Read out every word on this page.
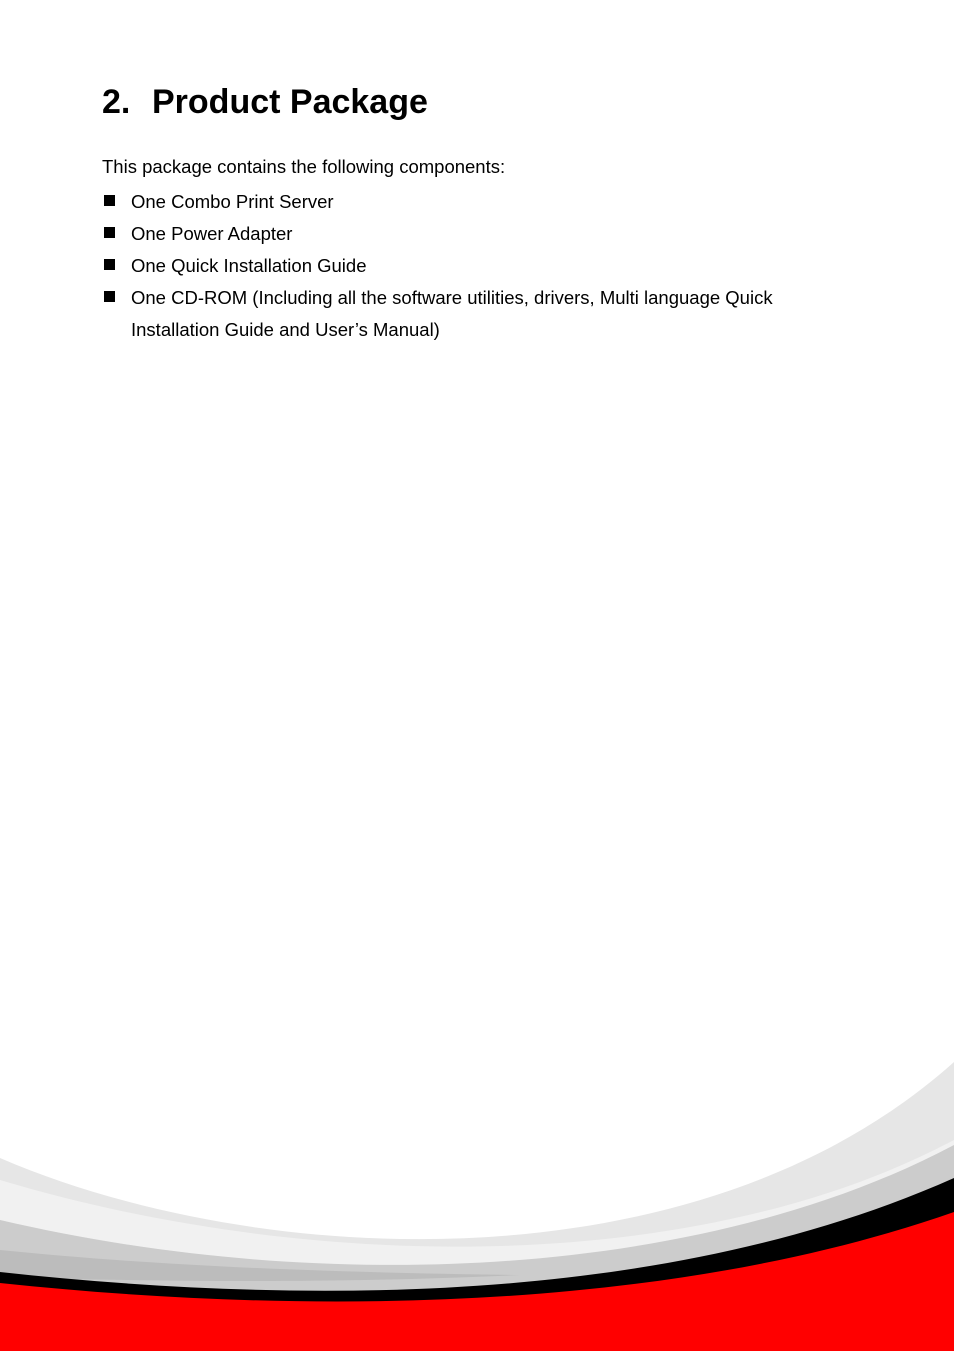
2. Product Package

This package contains the following components:

One Combo Print Server
One Power Adapter
One Quick Installation Guide
One CD-ROM (Including all the software utilities, drivers, Multi language Quick Installation Guide and User’s Manual)
